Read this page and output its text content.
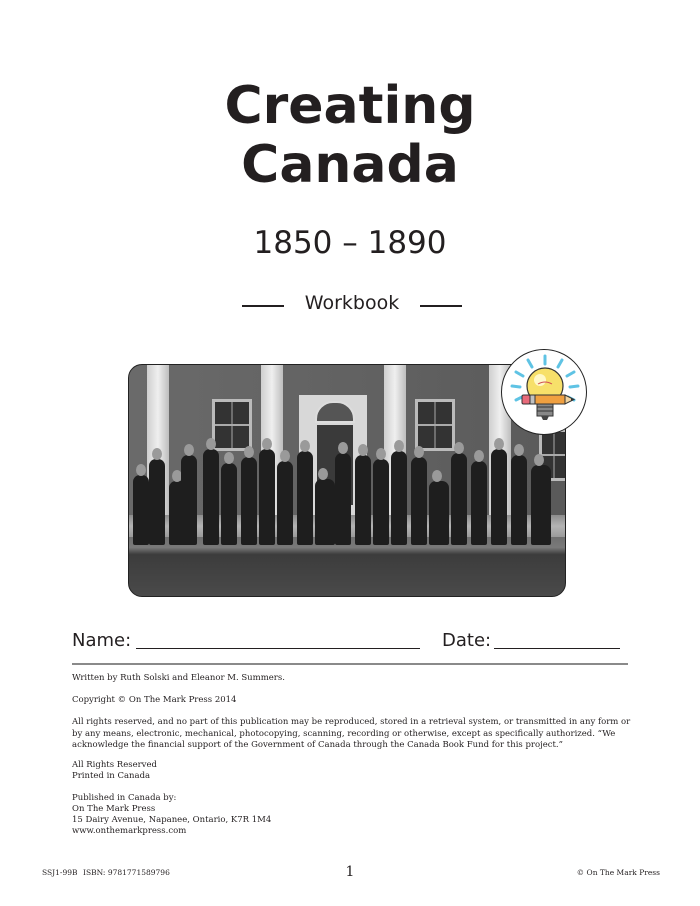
Creating
Canada
1850 – 1890
Workbook
Name:	Date:
Written by Ruth Solski and Eleanor M. Summers.
Copyright © On The Mark Press 2014
All rights reserved, and no part of this publication may be reproduced, stored in a retrieval system, or transmitted in any form or by any means, electronic, mechanical, photocopying, scanning, recording or otherwise, except as specifically authorized. “We acknowledge the financial support of the Government of Canada through the Canada Book Fund for this project.”
All Rights Reserved
Printed in Canada
Published in Canada by:
On The Mark Press
15 Dairy Avenue, Napanee, Ontario, K7R 1M4
www.onthemarkpress.com
SSJ1-99B ISBN: 9781771589796	1	© On The Mark Press
